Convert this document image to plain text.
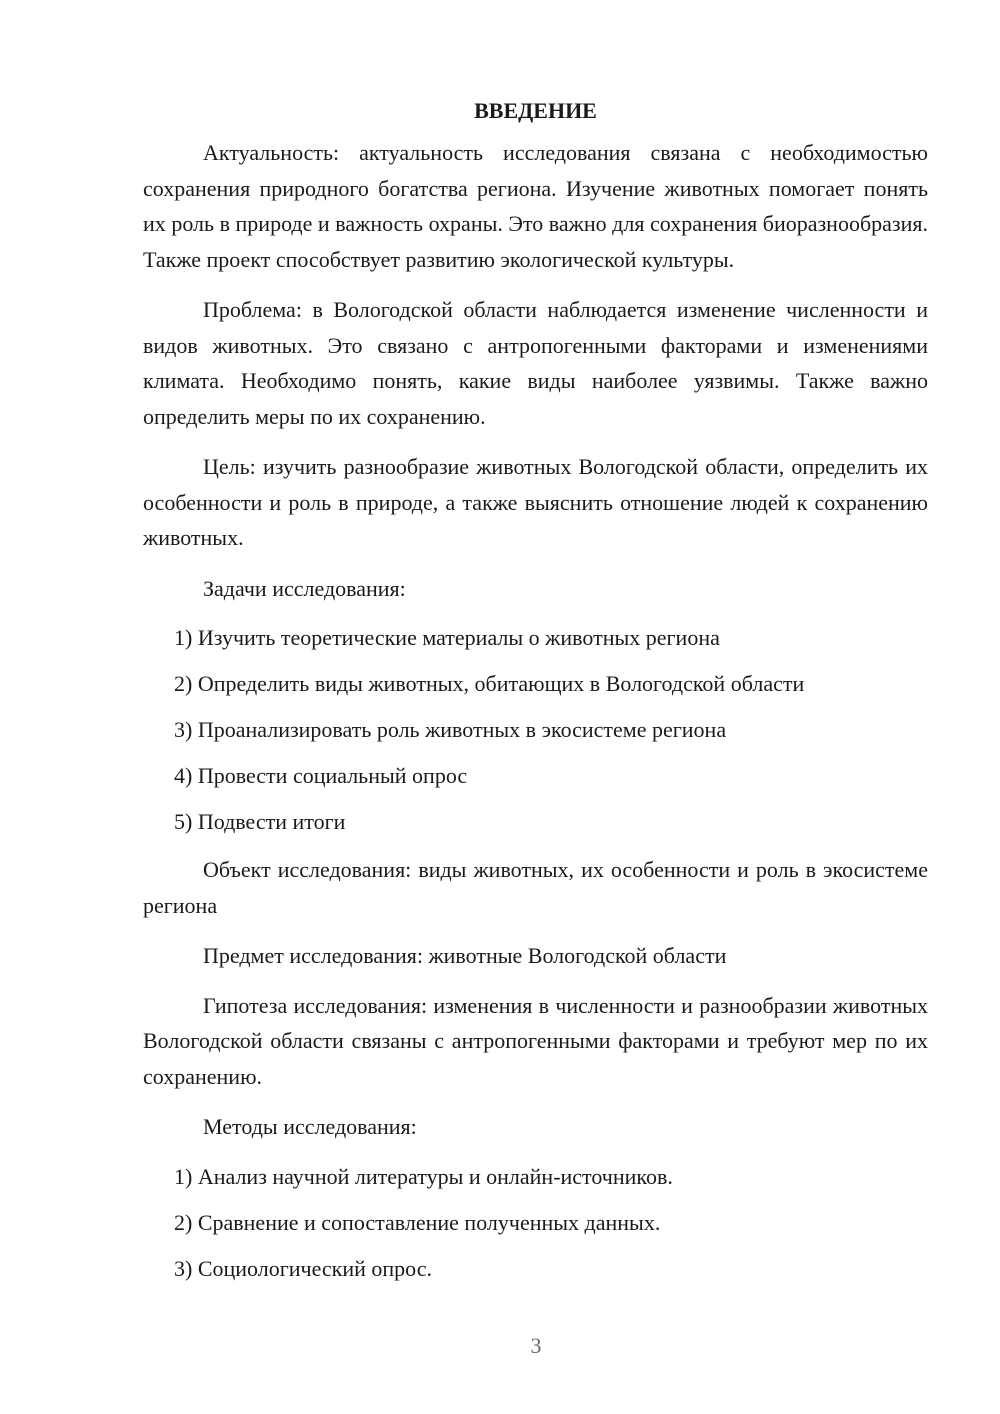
ВВЕДЕНИЕ

Актуальность: актуальность исследования связана с необходимостью сохранения природного богатства региона. Изучение животных помогает понять их роль в природе и важность охраны. Это важно для сохранения биоразнообразия. Также проект способствует развитию экологической культуры.

Проблема: в Вологодской области наблюдается изменение численности и видов животных. Это связано с антропогенными факторами и изменениями климата. Необходимо понять, какие виды наиболее уязвимы. Также важно определить меры по их сохранению.

Цель: изучить разнообразие животных Вологодской области, определить их особенности и роль в природе, а также выяснить отношение людей к сохранению животных.

Задачи исследования:

1) Изучить теоретические материалы о животных региона
2) Определить виды животных, обитающих в Вологодской области
3) Проанализировать роль животных в экосистеме региона
4) Провести социальный опрос
5) Подвести итоги

Объект исследования: виды животных, их особенности и роль в экосистеме региона

Предмет исследования: животные Вологодской области

Гипотеза исследования: изменения в численности и разнообразии животных Вологодской области связаны с антропогенными факторами и требуют мер по их сохранению.

Методы исследования:

1) Анализ научной литературы и онлайн-источников.
2) Сравнение и сопоставление полученных данных.
3) Социологический опрос.
3
